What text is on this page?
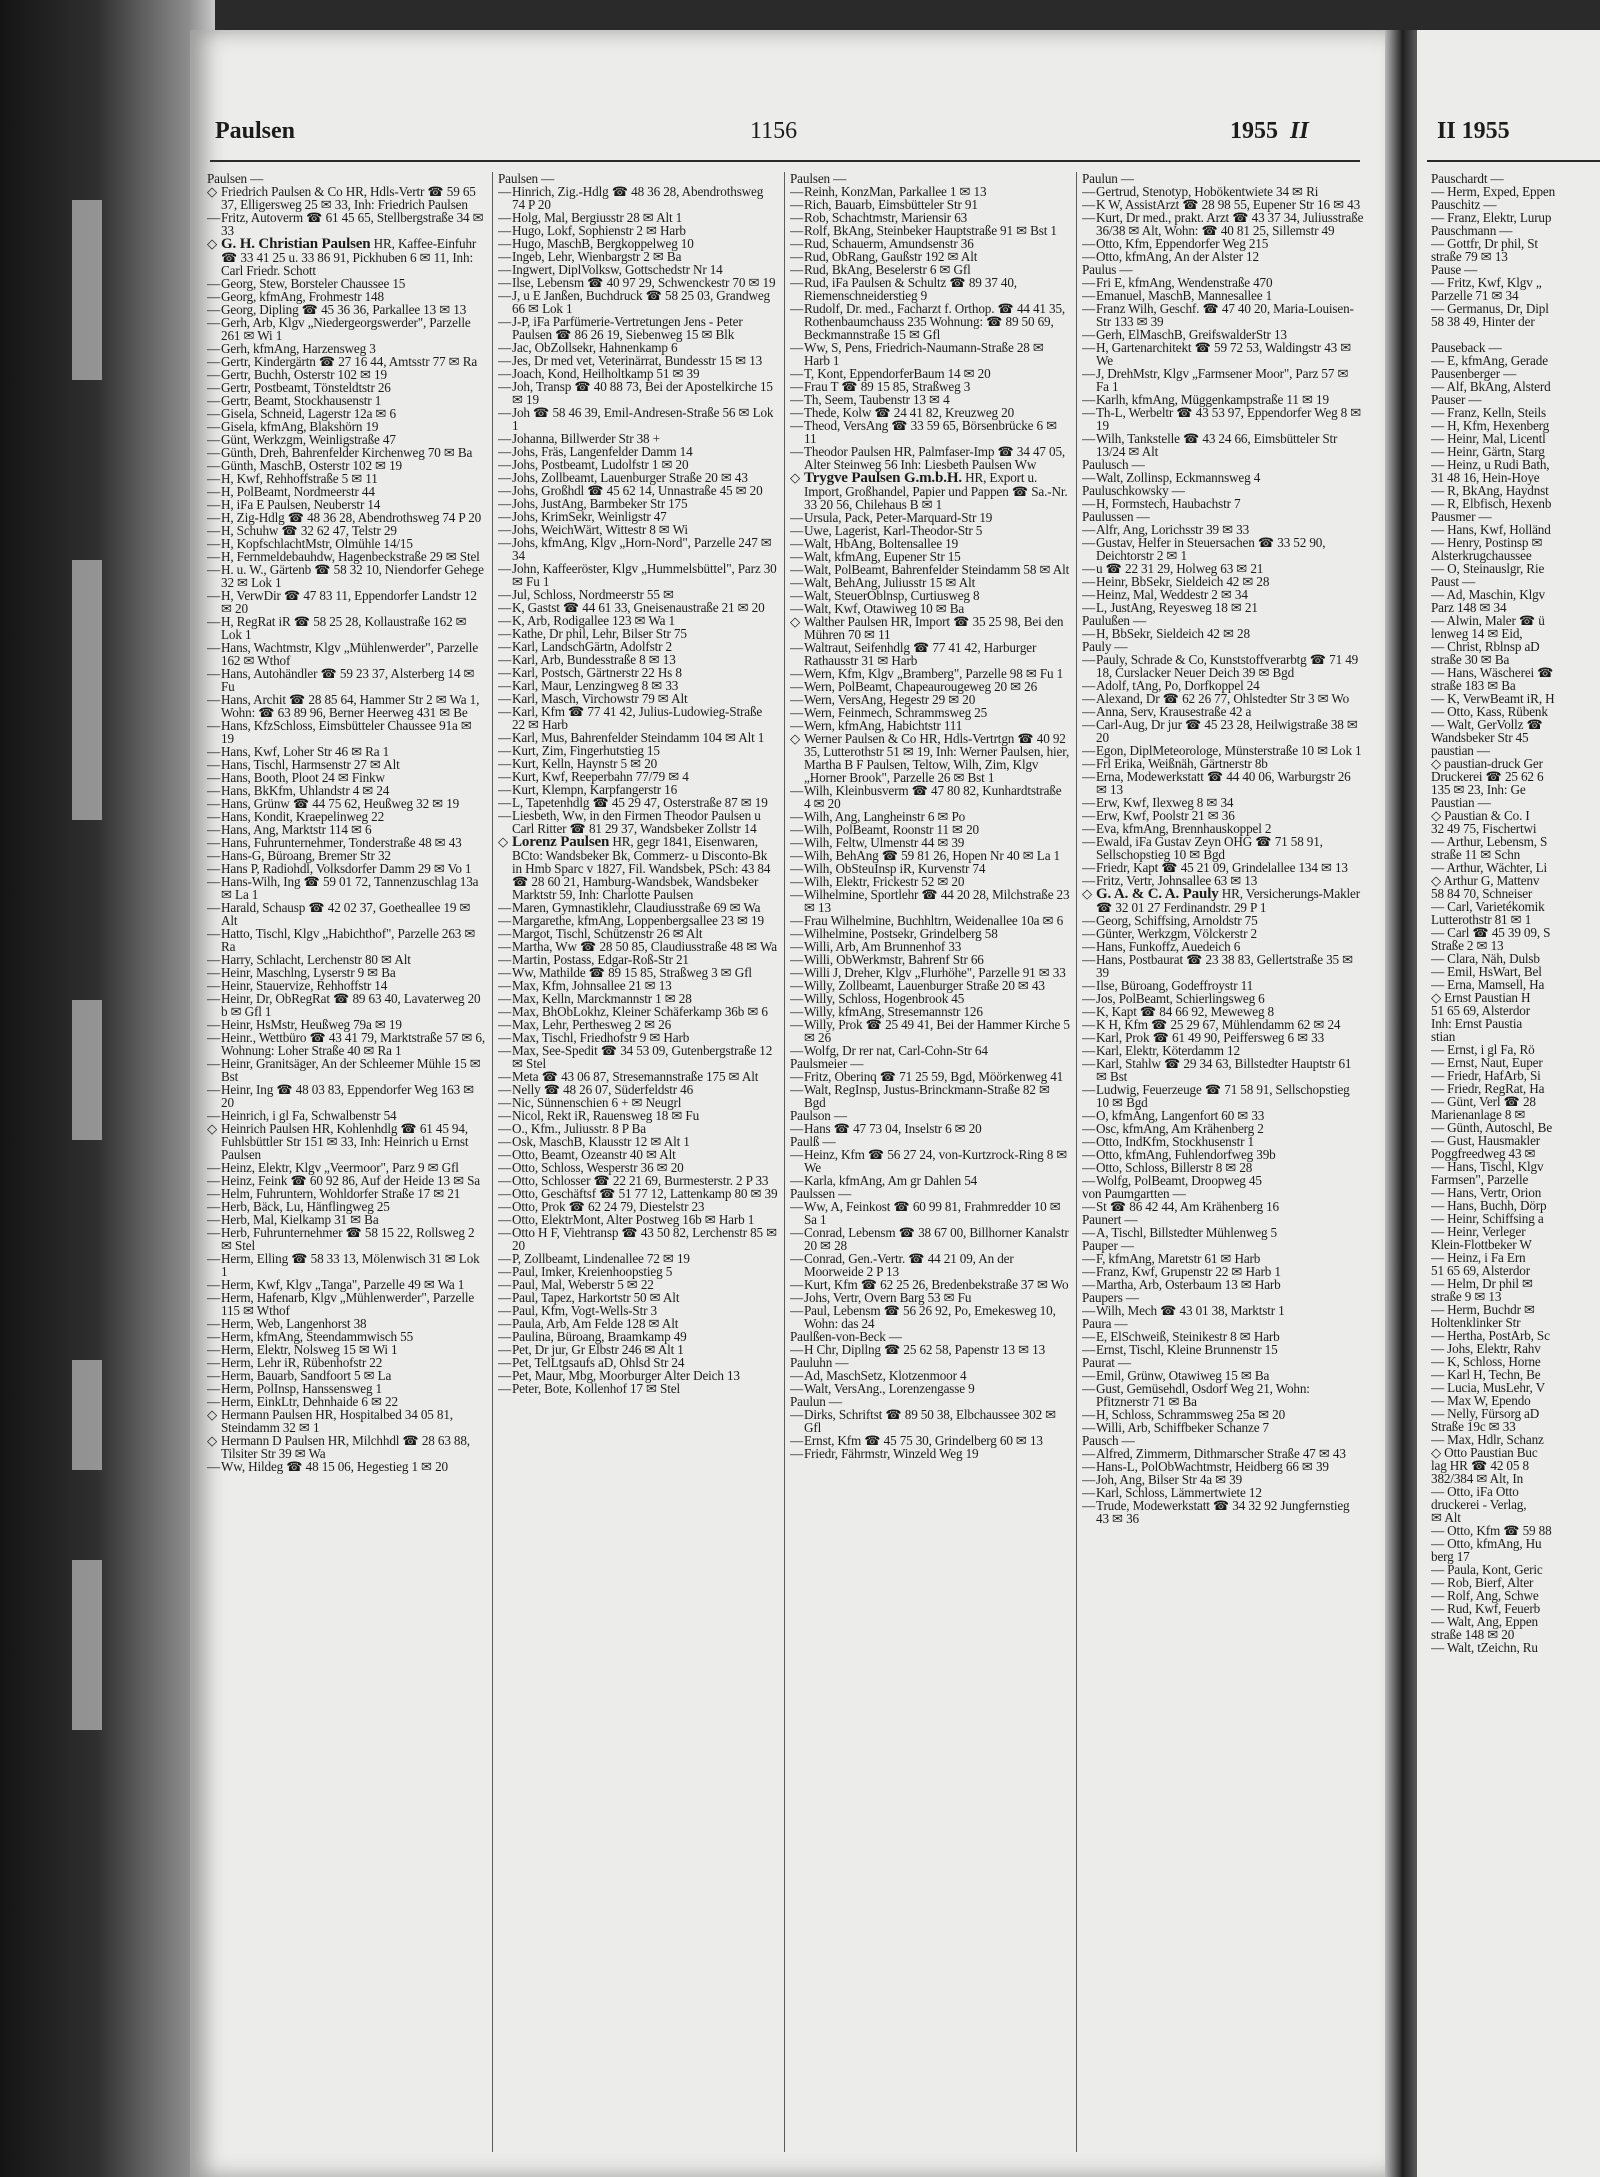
Paulsen	1156	1955 II
Paulsen —
◇ Friedrich Paulsen & Co HR, Hdls-Vertr ☎ 59 65 37, Elligersweg 25 ✉ 33, Inh: Friedrich Paulsen
—Fritz, Autoverm ☎ 61 45 65, Stellbergstraße 34 ✉ 33
◇ G. H. Christian Paulsen HR, Kaffee-Einfuhr ☎ 33 41 25 u. 33 86 91, Pickhuben 6 ✉ 11, Inh: Carl Friedr. Schott
—Georg, Stew, Borsteler Chaussee 15
—Georg, kfmAng, Frohmestr 148
—Georg, Dipling ☎ 45 36 36, Parkallee 13 ✉ 13
—Gerh, Arb, Klgv „Niedergeorgswerder", Parzelle 261 ✉ Wi 1
—Gerh, kfmAng, Harzensweg 3
—Gertr, Kindergärtn ☎ 27 16 44, Amtsstr 77 ✉ Ra
—Gertr, Buchh, Osterstr 102 ✉ 19
—Gertr, Postbeamt, Tönsteldtstr 26
—Gertr, Beamt, Stockhausenstr 1
—Gisela, Schneid, Lagerstr 12a ✉ 6
—Gisela, kfmAng, Blakshörn 19
—Günt, Werkzgm, Weinligstraße 47
—Günth, Dreh, Bahrenfelder Kirchenweg 70 ✉ Ba
—Günth, MaschB, Osterstr 102 ✉ 19
—H, Kwf, Rehhoffstraße 5 ✉ 11
—H, PolBeamt, Nordmeerstr 44
—H, iFa E Paulsen, Neuberstr 14
—H, Zig-Hdlg ☎ 48 36 28, Abendrothsweg 74 P 20
—H, Schuhw ☎ 32 62 47, Telstr 29
—H, KopfschlachtMstr, Olmühle 14/15
—H, Fernmeldebauhdw, Hagenbeckstraße 29 ✉ Stel
—H. u. W., Gärtenb ☎ 58 32 10, Niendorfer Gehege 32 ✉ Lok 1
—H, VerwDir ☎ 47 83 11, Eppendorfer Landstr 12 ✉ 20
—H, RegRat iR ☎ 58 25 28, Kollaustraße 162 ✉ Lok 1
—Hans, Wachtmstr, Klgv „Mühlenwerder", Parzelle 162 ✉ Wthof
—Hans, Autohändler ☎ 59 23 37, Alsterberg 14 ✉ Fu
—Hans, Archit ☎ 28 85 64, Hammer Str 2 ✉ Wa 1, Wohn: ☎ 63 89 96, Berner Heerweg 431 ✉ Be
—Hans, KfzSchloss, Eimsbütteler Chaussee 91a ✉ 19
—Hans, Kwf, Loher Str 46 ✉ Ra 1
—Hans, Tischl, Harmsenstr 27 ✉ Alt
—Hans, Booth, Ploot 24 ✉ Finkw
—Hans, BkKfm, Uhlandstr 4 ✉ 24
—Hans, Grünw ☎ 44 75 62, Heußweg 32 ✉ 19
—Hans, Kondit, Kraepelinweg 22
—Hans, Ang, Marktstr 114 ✉ 6
—Hans, Fuhrunternehmer, Tonderstraße 48 ✉ 43
—Hans-G, Büroang, Bremer Str 32
—Hans P, Radiohdl, Volksdorfer Damm 29 ✉ Vo 1
—Hans-Wilh, Ing ☎ 59 01 72, Tannenzuschlag 13a ✉ La 1
—Harald, Schausp ☎ 42 02 37, Goetheallee 19 ✉ Alt
—Hatto, Tischl, Klgv „Habichthof", Parzelle 263 ✉ Ra
—Harry, Schlacht, Lerchenstr 80 ✉ Alt
—Heinr, Maschlng, Lyserstr 9 ✉ Ba
—Heinr, Stauervize, Rehhoffstr 14
—Heinr, Dr, ObRegRat ☎ 89 63 40, Lavaterweg 20 b ✉ Gfl 1
—Heinr, HsMstr, Heußweg 79a ✉ 19
—Heinr., Wettbüro ☎ 43 41 79, Marktstraße 57 ✉ 6, Wohnung: Loher Straße 40 ✉ Ra 1
—Heinr, Granitsäger, An der Schleemer Mühle 15 ✉ Bst
—Heinr, Ing ☎ 48 03 83, Eppendorfer Weg 163 ✉ 20
—Heinrich, i gl Fa, Schwalbenstr 54
◇ Heinrich Paulsen HR, Kohlenhdlg ☎ 61 45 94, Fuhlsbüttler Str 151 ✉ 33, Inh: Heinrich u Ernst Paulsen
—Heinz, Elektr, Klgv „Veermoor", Parz 9 ✉ Gfl
—Heinz, Feink ☎ 60 92 86, Auf der Heide 13 ✉ Sa
—Helm, Fuhruntern, Wohldorfer Straße 17 ✉ 21
—Herb, Bäck, Lu, Hänflingweg 25
—Herb, Mal, Kielkamp 31 ✉ Ba
—Herb, Fuhrunternehmer ☎ 58 15 22, Rollsweg 2 ✉ Stel
—Herm, Elling ☎ 58 33 13, Mölenwisch 31 ✉ Lok 1
—Herm, Kwf, Klgv „Tanga", Parzelle 49 ✉ Wa 1
—Herm, Hafenarb, Klgv „Mühlenwerder", Parzelle 115 ✉ Wthof
—Herm, Web, Langenhorst 38
—Herm, kfmAng, Steendammwisch 55
—Herm, Elektr, Nolsweg 15 ✉ Wi 1
—Herm, Lehr iR, Rübenhofstr 22
—Herm, Bauarb, Sandfoort 5 ✉ La
—Herm, PolInsp, Hanssensweg 1
—Herm, EinkLtr, Dehnhaide 6 ✉ 22
◇ Hermann Paulsen HR, Hospitalbed 34 05 81, Steindamm 32 ✉ 1
◇ Hermann D Paulsen HR, Milchhdl ☎ 28 63 88, Tilsiter Str 39 ✉ Wa
—Ww, Hildeg ☎ 48 15 06, Hegestieg 1 ✉ 20
Paulsen —
—Hinrich, Zig.-Hdlg ☎ 48 36 28, Abendrothsweg 74 P 20
—Holg, Mal, Bergiusstr 28 ✉ Alt 1
—Hugo, Lokf, Sophienstr 2 ✉ Harb
—Hugo, MaschB, Bergkoppelweg 10
—Ingeb, Lehr, Wienbargstr 2 ✉ Ba
—Ingwert, DiplVolksw, Gottschedstr Nr 14
—Ilse, Lebensm ☎ 40 97 29, Schwenckestr 70 ✉ 19
—J, u E Janßen, Buchdruck ☎ 58 25 03, Grandweg 66 ✉ Lok 1
—J-P, iFa Parfümerie-Vertretungen Jens - Peter Paulsen ☎ 86 26 19, Siebenweg 15 ✉ Blk
—Jac, ObZollsekr, Hahnenkamp 6
—Jes, Dr med vet, Veterinärrat, Bundesstr 15 ✉ 13
—Joach, Kond, Heilholtkamp 51 ✉ 39
—Joh, Transp ☎ 40 88 73, Bei der Apostelkirche 15 ✉ 19
—Joh ☎ 58 46 39, Emil-Andresen-Straße 56 ✉ Lok 1
—Johanna, Billwerder Str 38 +
—Johs, Fräs, Langenfelder Damm 14
—Johs, Postbeamt, Ludolfstr 1 ✉ 20
—Johs, Zollbeamt, Lauenburger Straße 20 ✉ 43
—Johs, Großhdl ☎ 45 62 14, Unnastraße 45 ✉ 20
—Johs, JustAng, Barmbeker Str 175
—Johs, KrimSekr, Weinligstr 47
—Johs, WeichWärt, Wittestr 8 ✉ Wi
—Johs, kfmAng, Klgv „Horn-Nord", Parzelle 247 ✉ 34
—John, Kaffeeröster, Klgv „Hummelsbüttel", Parz 30 ✉ Fu 1
—Jul, Schloss, Nordmeerstr 55 ✉
—K, Gastst ☎ 44 61 33, Gneisenaustraße 21 ✉ 20
—K, Arb, Rodigallee 123 ✉ Wa 1
—Kathe, Dr phil, Lehr, Bilser Str 75
—Karl, LandschGärtn, Adolfstr 2
—Karl, Arb, Bundesstraße 8 ✉ 13
—Karl, Postsch, Gärtnerstr 22 Hs 8
—Karl, Maur, Lenzingweg 8 ✉ 33
—Karl, Masch, Virchowstr 79 ✉ Alt
—Karl, Kfm ☎ 77 41 42, Julius-Ludowieg-Straße 22 ✉ Harb
—Karl, Mus, Bahrenfelder Steindamm 104 ✉ Alt 1
—Kurt, Zim, Fingerhutstieg 15
—Kurt, Kelln, Haynstr 5 ✉ 20
—Kurt, Kwf, Reeperbahn 77/79 ✉ 4
—Kurt, Klempn, Karpfangerstr 16
—L, Tapetenhdlg ☎ 45 29 47, Osterstraße 87 ✉ 19
—Liesbeth, Ww, in den Firmen Theodor Paulsen u Carl Ritter ☎ 81 29 37, Wandsbeker Zollstr 14
◇ Lorenz Paulsen HR, gegr 1841, Eisenwaren, BCto: Wandsbeker Bk, Commerz- u Disconto-Bk in Hmb Sparc v 1827, Fil. Wandsbek, PSch: 43 84 ☎ 28 60 21, Hamburg-Wandsbek, Wandsbeker Marktstr 59, Inh: Charlotte Paulsen
—Maren, Gymnastiklehr, Claudiusstraße 69 ✉ Wa
—Margarethe, kfmAng, Loppenbergsallee 23 ✉ 19
—Margot, Tischl, Schützenstr 26 ✉ Alt
—Martha, Ww ☎ 28 50 85, Claudiusstraße 48 ✉ Wa
—Martin, Postass, Edgar-Roß-Str 21
—Ww, Mathilde ☎ 89 15 85, Straßweg 3 ✉ Gfl
—Max, Kfm, Johnsallee 21 ✉ 13
—Max, Kelln, Marckmannstr 1 ✉ 28
—Max, BhObLokhz, Kleiner Schäferkamp 36b ✉ 6
—Max, Lehr, Perthesweg 2 ✉ 26
—Max, Tischl, Friedhofstr 9 ✉ Harb
—Max, See-Spedit ☎ 34 53 09, Gutenbergstraße 12 ✉ Stel
—Meta ☎ 43 06 87, Stresemannstraße 175 ✉ Alt
—Nelly ☎ 48 26 07, Süderfeldstr 46
—Nic, Sünnenschien 6 + ✉ Neugrl
—Nicol, Rekt iR, Rauensweg 18 ✉ Fu
—O., Kfm., Juliusstr. 8 P Ba
—Osk, MaschB, Klausstr 12 ✉ Alt 1
—Otto, Beamt, Ozeanstr 40 ✉ Alt
—Otto, Schloss, Wesperstr 36 ✉ 20
—Otto, Schlosser ☎ 22 21 69, Burmesterstr. 2 P 33
—Otto, Geschäftsf ☎ 51 77 12, Lattenkamp 80 ✉ 39
—Otto, Prok ☎ 62 24 79, Diestelstr 23
—Otto, ElektrMont, Alter Postweg 16b ✉ Harb 1
—Otto H F, Viehtransp ☎ 43 50 82, Lerchenstr 85 ✉ 20
—P, Zollbeamt, Lindenallee 72 ✉ 19
—Paul, Imker, Kreienhoopstieg 5
—Paul, Mal, Weberstr 5 ✉ 22
—Paul, Tapez, Harkortstr 50 ✉ Alt
—Paul, Kfm, Vogt-Wells-Str 3
—Paula, Arb, Am Felde 128 ✉ Alt
—Paulina, Büroang, Braamkamp 49
—Pet, Dr jur, Gr Elbstr 246 ✉ Alt 1
—Pet, TelLtgsaufs aD, Ohlsd Str 24
—Pet, Maur, Mbg, Moorburger Alter Deich 13
—Peter, Bote, Kollenhof 17 ✉ Stel
Paulsen —
—Reinh, KonzMan, Parkallee 1 ✉ 13
—Rich, Bauarb, Eimsbütteler Str 91
—Rob, Schachtmstr, Mariensir 63
—Rolf, BkAng, Steinbeker Hauptstraße 91 ✉ Bst 1
—Rud, Schauerm, Amundsenstr 36
—Rud, ObRang, Gaußstr 192 ✉ Alt
—Rud, BkAng, Beselerstr 6 ✉ Gfl
—Rud, iFa Paulsen & Schultz ☎ 89 37 40, Riemenschneiderstieg 9
—Rudolf, Dr. med., Facharzt f. Orthop. ☎ 44 41 35, Rothenbaumchauss 235 Wohnung: ☎ 89 50 69, Beckmannstraße 15 ✉ Gfl
—Ww, S, Pens, Friedrich-Naumann-Straße 28 ✉ Harb 1
—T, Kont, EppendorferBaum 14 ✉ 20
—Frau T ☎ 89 15 85, Straßweg 3
—Th, Seem, Taubenstr 13 ✉ 4
—Thede, Kolw ☎ 24 41 82, Kreuzweg 20
—Theod, VersAng ☎ 33 59 65, Börsenbrücke 6 ✉ 11
—Theodor Paulsen HR, Palmfaser-Imp ☎ 34 47 05, Alter Steinweg 56 Inh: Liesbeth Paulsen Ww
◇ Trygve Paulsen G.m.b.H. HR, Export u. Import, Großhandel, Papier und Pappen ☎ Sa.-Nr. 33 20 56, Chilehaus B ✉ 1
—Ursula, Pack, Peter-Marquard-Str 19
—Uwe, Lagerist, Karl-Theodor-Str 5
—Walt, HbAng, Boltensallee 19
—Walt, kfmAng, Eupener Str 15
—Walt, PolBeamt, Bahrenfelder Steindamm 58 ✉ Alt
—Walt, BehAng, Juliusstr 15 ✉ Alt
—Walt, SteuerOblnsp, Curtiusweg 8
—Walt, Kwf, Otawiweg 10 ✉ Ba
◇ Walther Paulsen HR, Import ☎ 35 25 98, Bei den Mühren 70 ✉ 11
—Waltraut, Seifenhdlg ☎ 77 41 42, Harburger Rathausstr 31 ✉ Harb
—Wern, Kfm, Klgv „Bramberg", Parzelle 98 ✉ Fu 1
—Wern, PolBeamt, Chapeaurougeweg 20 ✉ 26
—Wern, VersAng, Hegestr 29 ✉ 20
—Wern, Feinmech, Schrammsweg 25
—Wern, kfmAng, Habichtstr 111
◇ Werner Paulsen & Co HR, Hdls-Vertrtgn ☎ 40 92 35, Lutterothstr 51 ✉ 19, Inh: Werner Paulsen, hier, Martha B F Paulsen, Teltow, Wilh, Zim, Klgv „Horner Brook", Parzelle 26 ✉ Bst 1
—Wilh, Kleinbusverm ☎ 47 80 82, Kunhardtstraße 4 ✉ 20
—Wilh, Ang, Langheinstr 6 ✉ Po
—Wilh, PolBeamt, Roonstr 11 ✉ 20
—Wilh, Feltw, Ulmenstr 44 ✉ 39
—Wilh, BehAng ☎ 59 81 26, Hopen Nr 40 ✉ La 1
—Wilh, ObSteuInsp iR, Kurvenstr 74
—Wilh, Elektr, Frickestr 52 ✉ 20
—Wilhelmine, Sportlehr ☎ 44 20 28, Milchstraße 23 ✉ 13
—Frau Wilhelmine, Buchhltrn, Weidenallee 10a ✉ 6
—Wilhelmine, Postsekr, Grindelberg 58
—Willi, Arb, Am Brunnenhof 33
—Willi, ObWerkmstr, Bahrenf Str 66
—Willi J, Dreher, Klgv „Flurhöhe", Parzelle 91 ✉ 33
—Willy, Zollbeamt, Lauenburger Straße 20 ✉ 43
—Willy, Schloss, Hogenbrook 45
—Willy, kfmAng, Stresemannstr 126
—Willy, Prok ☎ 25 49 41, Bei der Hammer Kirche 5 ✉ 26
—Wolfg, Dr rer nat, Carl-Cohn-Str 64
Paulsmeier —
—Fritz, Oberinq ☎ 71 25 59, Bgd, Möörkenweg 41
—Walt, RegInsp, Justus-Brinckmann-Straße 82 ✉ Bgd
Paulson —
—Hans ☎ 47 73 04, Inselstr 6 ✉ 20
Paulß —
—Heinz, Kfm ☎ 56 27 24, von-Kurtzrock-Ring 8 ✉ We
—Karla, kfmAng, Am gr Dahlen 54
Paulssen —
—Ww, A, Feinkost ☎ 60 99 81, Frahmredder 10 ✉ Sa 1
—Conrad, Lebensm ☎ 38 67 00, Billhorner Kanalstr 20 ✉ 28
—Conrad, Gen.-Vertr. ☎ 44 21 09, An der Moorweide 2 P 13
—Kurt, Kfm ☎ 62 25 26, Bredenbekstraße 37 ✉ Wo
—Johs, Vertr, Overn Barg 53 ✉ Fu
—Paul, Lebensm ☎ 56 26 92, Po, Emekesweg 10, Wohn: das 24
Paulßen-von-Beck —
—H Chr, Dipllng ☎ 25 62 58, Papenstr 13 ✉ 13
Pauluhn —
—Ad, MaschSetz, Klotzenmoor 4
—Walt, VersAng., Lorenzengasse 9
Paulun —
—Dirks, Schriftst ☎ 89 50 38, Elbchaussee 302 ✉ Gfl
—Ernst, Kfm ☎ 45 75 30, Grindelberg 60 ✉ 13
—Friedr, Fährmstr, Winzeld Weg 19
Paulun —
—Gertrud, Stenotyp, Hobökentwiete 34 ✉ Ri
—K W, AssistArzt ☎ 28 98 55, Eupener Str 16 ✉ 43
—Kurt, Dr med., prakt. Arzt ☎ 43 37 34, Juliusstraße 36/38 ✉ Alt, Wohn: ☎ 40 81 25, Sillemstr 49
—Otto, Kfm, Eppendorfer Weg 215
—Otto, kfmAng, An der Alster 12
Paulus —
—Fri E, kfmAng, Wendenstraße 470
—Emanuel, MaschB, Mannesallee 1
—Franz Wilh, Geschf. ☎ 47 40 20, Maria-Louisen-Str 133 ✉ 39
—Gerh, ElMaschB, GreifswalderStr 13
—H, Gartenarchitekt ☎ 59 72 53, Waldingstr 43 ✉ We
—J, DrehMstr, Klgv „Farmsener Moor", Parz 57 ✉ Fa 1
—Karlh, kfmAng, Müggenkampstraße 11 ✉ 19
—Th-L, Werbeltr ☎ 43 53 97, Eppendorfer Weg 8 ✉ 19
—Wilh, Tankstelle ☎ 43 24 66, Eimsbütteler Str 13/24 ✉ Alt
Paulusch —
—Walt, Zollinsp, Eckmannsweg 4
Pauluschkowsky —
—H, Formstech, Haubachstr 7
Paulussen —
—Alfr, Ang, Lorichsstr 39 ✉ 33
—Gustav, Helfer in Steuersachen ☎ 33 52 90, Deichtorstr 2 ✉ 1
—u ☎ 22 31 29, Holweg 63 ✉ 21
—Heinr, BbSekr, Sieldeich 42 ✉ 28
—Heinz, Mal, Weddestr 2 ✉ 34
—L, JustAng, Reyesweg 18 ✉ 21
Paulußen —
—H, BbSekr, Sieldeich 42 ✉ 28
Pauly —
—Pauly, Schrade & Co, Kunststoffverarbtg ☎ 71 49 18, Curslacker Neuer Deich 39 ✉ Bgd
—Adolf, tAng, Po, Dorfkoppel 24
—Alexand, Dr ☎ 62 26 77, Ohlstedter Str 3 ✉ Wo
—Anna, Serv, Krausestraße 42 a
—Carl-Aug, Dr jur ☎ 45 23 28, Heilwigstraße 38 ✉ 20
—Egon, DiplMeteorologe, Münsterstraße 10 ✉ Lok 1
—Frl Erika, Weißnäh, Gärtnerstr 8b
—Erna, Modewerkstatt ☎ 44 40 06, Warburgstr 26 ✉ 13
—Erw, Kwf, Ilexweg 8 ✉ 34
—Erw, Kwf, Poolstr 21 ✉ 36
—Eva, kfmAng, Brennhauskoppel 2
—Ewald, iFa Gustav Zeyn OHG ☎ 71 58 91, Sellschopstieg 10 ✉ Bgd
—Friedr, Kapt ☎ 45 21 09, Grindelallee 134 ✉ 13
—Fritz, Vertr, Johnsallee 63 ✉ 13
◇ G. A. & C. A. Pauly HR, Versicherungs-Makler ☎ 32 01 27 Ferdinandstr. 29 P 1
—Georg, Schiffsing, Arnoldstr 75
—Günter, Werkzgm, Völckerstr 2
—Hans, Funkoffz, Auedeich 6
—Hans, Postbaurat ☎ 23 38 83, Gellertstraße 35 ✉ 39
—Ilse, Büroang, Godeffroystr 11
—Jos, PolBeamt, Schierlingsweg 6
—K, Kapt ☎ 84 66 92, Meweweg 8
—K H, Kfm ☎ 25 29 67, Mühlendamm 62 ✉ 24
—Karl, Prok ☎ 61 49 90, Peiffersweg 6 ✉ 33
—Karl, Elektr, Köterdamm 12
—Karl, Stahlw ☎ 29 34 63, Billstedter Hauptstr 61 ✉ Bst
—Ludwig, Feuerzeuge ☎ 71 58 91, Sellschopstieg 10 ✉ Bgd
—O, kfmAng, Langenfort 60 ✉ 33
—Osc, kfmAng, Am Krähenberg 2
—Otto, IndKfm, Stockhusenstr 1
—Otto, kfmAng, Fuhlendorfweg 39b
—Otto, Schloss, Billerstr 8 ✉ 28
—Wolfg, PolBeamt, Droopweg 45
von Paumgartten —
—St ☎ 86 42 44, Am Krähenberg 16
Paunert —
—A, Tischl, Billstedter Mühlenweg 5
Pauper —
—F, kfmAng, Maretstr 61 ✉ Harb
—Franz, Kwf, Grupenstr 22 ✉ Harb 1
—Martha, Arb, Osterbaum 13 ✉ Harb
Paupers —
—Wilh, Mech ☎ 43 01 38, Marktstr 1
Paura —
—E, ElSchweiß, Steinikestr 8 ✉ Harb
—Ernst, Tischl, Kleine Brunnenstr 15
Paurat —
—Emil, Grünw, Otawiweg 15 ✉ Ba
—Gust, Gemüsehdl, Osdorf Weg 21, Wohn: Pfitznerstr 71 ✉ Ba
—H, Schloss, Schrammsweg 25a ✉ 20
—Willi, Arb, Schiffbeker Schanze 7
Pausch —
—Alfred, Zimmerm, Dithmarscher Straße 47 ✉ 43
—Hans-L, PolObWachtmstr, Heidberg 66 ✉ 39
—Joh, Ang, Bilser Str 4a ✉ 39
—Karl, Schloss, Lämmertwiete 12
—Trude, Modewerkstatt ☎ 34 32 92 Jungfernstieg 43 ✉ 36
II 1955
Pauschardt —
— Herm, Exped, Eppen
Pauschitz —
— Franz, Elektr, Lurup
Pauschmann —
— Gottfr, Dr phil, St
straße 79 ✉ 13
Pause —
— Fritz, Kwf, Klgv „
Parzelle 71 ✉ 34
— Germanus, Dr, Dipl
58 38 49, Hinter der
Pauseback —
— E, kfmAng, Gerade
Pausenberger —
— Alf, BkAng, Alsterd
Pauser —
— Franz, Kelln, Steils
— H, Kfm, Hexenberg
— Heinr, Mal, Licentl
— Heinr, Gärtn, Starg
— Heinz, u Rudi Bath,
31 48 16, Hein-Hoye
— R, BkAng, Haydnst
— R, Elbfisch, Hexenb
Pausmer —
— Hans, Kwf, Holländ
— Henry, Postinsp ✉
Alsterkrugchaussee
— O, Steinauslgr, Rie
Paust —
— Ad, Maschin, Klgv
Parz 148 ✉ 34
— Alwin, Maler ☎ ü
lenweg 14 ✉ Eid,
— Christ, Rblnsp aD
straße 30 ✉ Ba
— Hans, Wäscherei ☎
straße 183 ✉ Ba
— K, VerwBeamt iR, H
— Otto, Kass, Rübenk
— Walt, GerVollz ☎
Wandsbeker Str 45
paustian —
◇ paustian-druck Ger
Druckerei ☎ 25 62 6
135 ✉ 23, Inh: Ge
Paustian —
◇ Paustian & Co. I
32 49 75, Fischertwi
— Arthur, Lebensm, S
straße 11 ✉ Schn
— Arthur, Wächter, Li
◇ Arthur G, Mattenv
58 84 70, Schneiser
— Carl, Varietékomik
Lutterothstr 81 ✉ 1
— Carl ☎ 45 39 09, S
Straße 2 ✉ 13
— Clara, Näh, Dulsb
— Emil, HsWart, Bel
— Erna, Mamsell, Ha
◇ Ernst Paustian H
51 65 69, Alsterdor
Inh: Ernst Paustia
stian
— Ernst, i gl Fa, Rö
— Ernst, Naut, Euper
— Friedr, HafArb, Si
— Friedr, RegRat, Ha
— Günt, Verl ☎ 28
Marienanlage 8 ✉
— Günth, Autoschl, Be
— Gust, Hausmakler
Poggfreedweg 43 ✉
— Hans, Tischl, Klgv
Farmsen", Parzelle
— Hans, Vertr, Orion
— Hans, Buchh, Dörp
— Heinr, Schiffsing a
— Heinr, Verleger
Klein-Flottbeker W
— Heinz, i Fa Ern
51 65 69, Alsterdor
— Helm, Dr phil ✉
straße 9 ✉ 13
— Herm, Buchdr ✉
Holtenklinker Str
— Hertha, PostArb, Sc
— Johs, Elektr, Rahv
— K, Schloss, Horne
— Karl H, Techn, Be
— Lucia, MusLehr, V
— Max W, Ependo
— Nelly, Fürsorg aD
Straße 19c ✉ 33
— Max, Hdlr, Schanz
◇ Otto Paustian Buc
lag HR ☎ 42 05 8
382/384 ✉ Alt, In
— Otto, iFa Otto
druckerei - Verlag,
✉ Alt
— Otto, Kfm ☎ 59 88
— Otto, kfmAng, Hu
berg 17
— Paula, Kont, Geric
— Rob, Bierf, Alter
— Rolf, Ang, Schwe
— Rud, Kwf, Feuerb
— Walt, Ang, Eppen
straße 148 ✉ 20
— Walt, tZeichn, Ru
